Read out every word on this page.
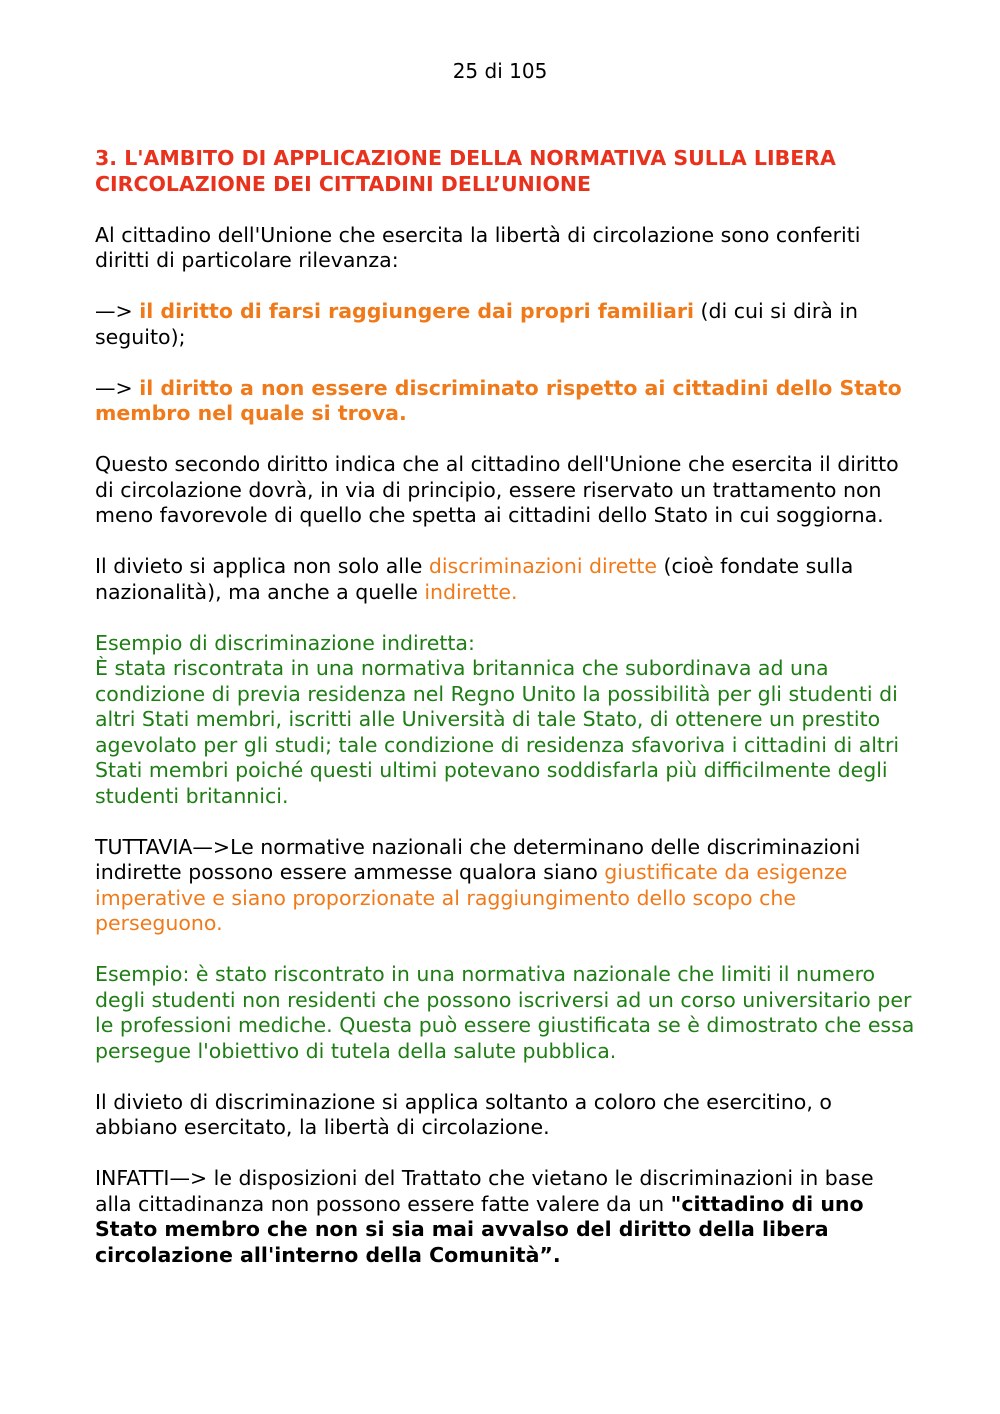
25 di 105

3. L'AMBITO DI APPLICAZIONE DELLA NORMATIVA SULLA LIBERA CIRCOLAZIONE DEI CITTADINI DELL’UNIONE

Al cittadino dell'Unione che esercita la libertà di circolazione sono conferiti diritti di particolare rilevanza:

—> il diritto di farsi raggiungere dai propri familiari (di cui si dirà in seguito);

—> il diritto a non essere discriminato rispetto ai cittadini dello Stato membro nel quale si trova.

Questo secondo diritto indica che al cittadino dell'Unione che esercita il diritto di circolazione dovrà, in via di principio, essere riservato un trattamento non meno favorevole di quello che spetta ai cittadini dello Stato in cui soggiorna.

Il divieto si applica non solo alle discriminazioni dirette (cioè fondate sulla nazionalità), ma anche a quelle indirette.

Esempio di discriminazione indiretta:
È stata riscontrata in una normativa britannica che subordinava ad una condizione di previa residenza nel Regno Unito la possibilità per gli studenti di altri Stati membri, iscritti alle Università di tale Stato, di ottenere un prestito agevolato per gli studi; tale condizione di residenza sfavoriva i cittadini di altri Stati membri poiché questi ultimi potevano soddisfarla più difficilmente degli studenti britannici.

TUTTAVIA—>Le normative nazionali che determinano delle discriminazioni indirette possono essere ammesse qualora siano giustificate da esigenze imperative e siano proporzionate al raggiungimento dello scopo che perseguono.

Esempio: è stato riscontrato in una normativa nazionale che limiti il numero degli studenti non residenti che possono iscriversi ad un corso universitario per le professioni mediche. Questa può essere giustificata se è dimostrato che essa persegue l'obiettivo di tutela della salute pubblica.

Il divieto di discriminazione si applica soltanto a coloro che esercitino, o abbiano esercitato, la libertà di circolazione.

INFATTI—> le disposizioni del Trattato che vietano le discriminazioni in base alla cittadinanza non possono essere fatte valere da un "cittadino di uno Stato membro che non si sia mai avvalso del diritto della libera circolazione all'interno della Comunità”.
